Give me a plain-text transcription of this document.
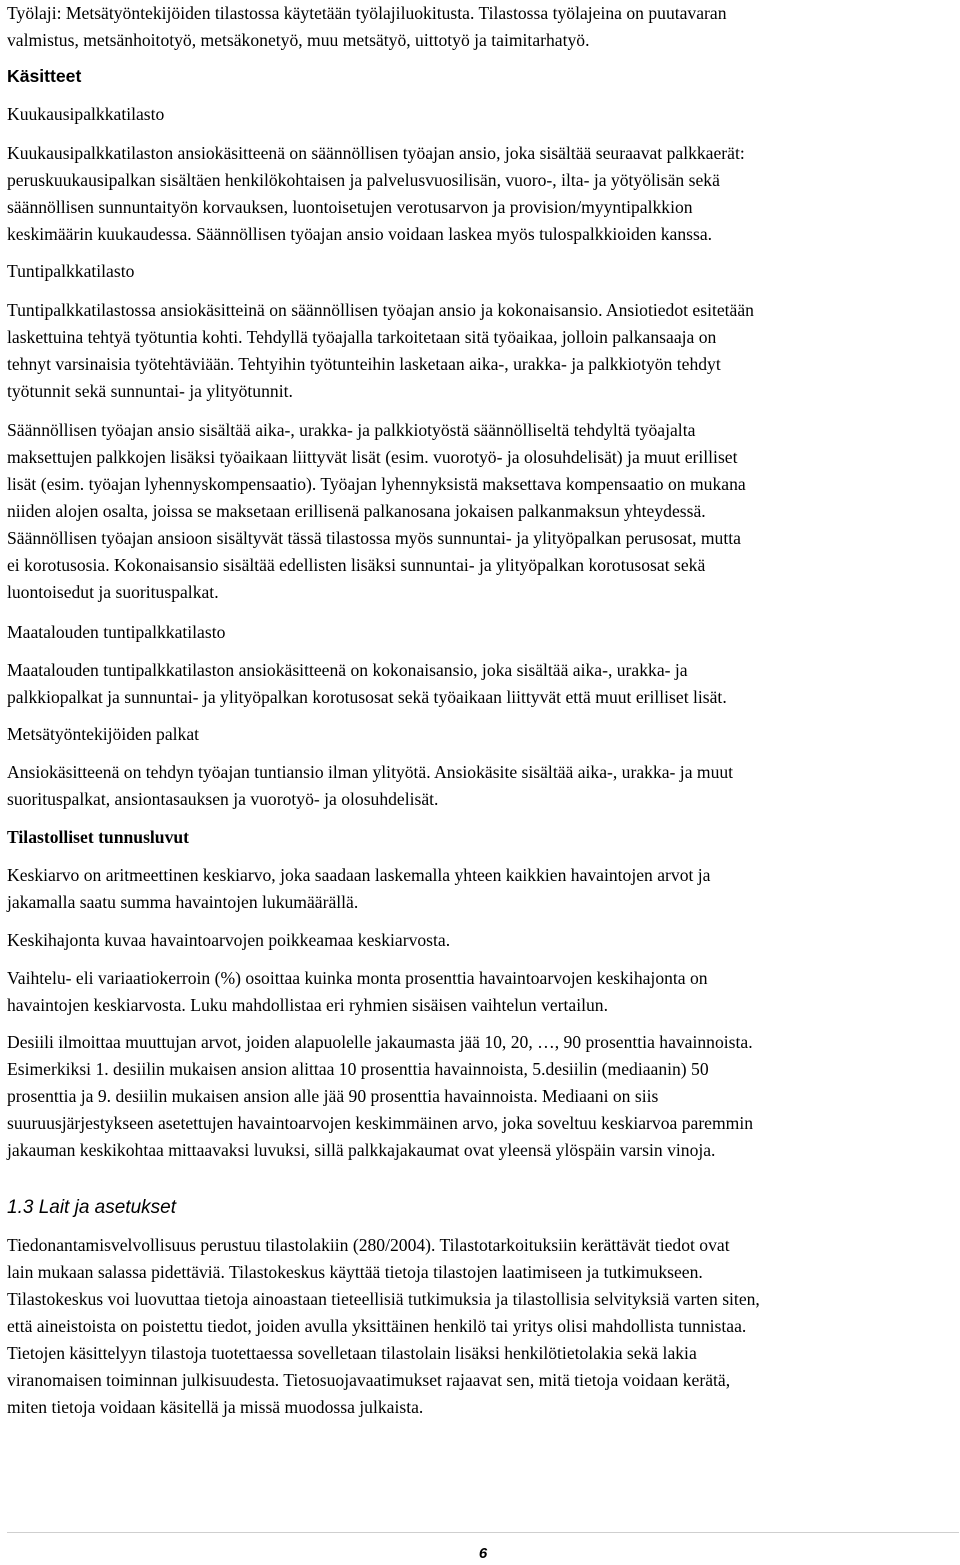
Työlaji: Metsätyöntekijöiden tilastossa käytetään työlajiluokitusta. Tilastossa työlajeina on puutavaran
valmistus, metsänhoitotyö, metsäkonetyö, muu metsätyö, uittotyö ja taimitarhatyö.
Käsitteet
Kuukausipalkkatilasto
Kuukausipalkkatilaston ansiokäsitteenä on säännöllisen työajan ansio, joka sisältää seuraavat palkkaerät:
peruskuukausipalkan sisältäen henkilökohtaisen ja palvelusvuosilisän, vuoro-, ilta- ja yötyölisän sekä
säännöllisen sunnuntaityön korvauksen, luontoisetujen verotusarvon ja provision/myyntipalkkion
keskimäärin kuukaudessa. Säännöllisen työajan ansio voidaan laskea myös tulospalkkioiden kanssa.
Tuntipalkkatilasto
Tuntipalkkatilastossa ansiokäsitteinä on säännöllisen työajan ansio ja kokonaisansio. Ansiotiedot esitetään
laskettuina tehtyä työtuntia kohti. Tehdyllä työajalla tarkoitetaan sitä työaikaa, jolloin palkansaaja on
tehnyt varsinaisia työtehtäviään. Tehtyihin työtunteihin lasketaan aika-, urakka- ja palkkiotyön tehdyt
työtunnit sekä sunnuntai- ja ylityötunnit.
Säännöllisen työajan ansio sisältää aika-, urakka- ja palkkiotyöstä säännölliseltä tehdyltä työajalta
maksettujen palkkojen lisäksi työaikaan liittyvät lisät (esim. vuorotyö- ja olosuhdelisät) ja muut erilliset
lisät (esim. työajan lyhennyskompensaatio). Työajan lyhennyksistä maksettava kompensaatio on mukana
niiden alojen osalta, joissa se maksetaan erillisenä palkanosana jokaisen palkanmaksun yhteydessä.
Säännöllisen työajan ansioon sisältyvät tässä tilastossa myös sunnuntai- ja ylityöpalkan perusosat, mutta
ei korotusosia. Kokonaisansio sisältää edellisten lisäksi sunnuntai- ja ylityöpalkan korotusosat sekä
luontoisedut ja suorituspalkat.
Maatalouden tuntipalkkatilasto
Maatalouden tuntipalkkatilaston ansiokäsitteenä on kokonaisansio, joka sisältää aika-, urakka- ja
palkkiopalkat ja sunnuntai- ja ylityöpalkan korotusosat sekä työaikaan liittyvät että muut erilliset lisät.
Metsätyöntekijöiden palkat
Ansiokäsitteenä on tehdyn työajan tuntiansio ilman ylityötä. Ansiokäsite sisältää aika-, urakka- ja muut
suorituspalkat, ansiontasauksen ja vuorotyö- ja olosuhdelisät.
Tilastolliset tunnusluvut
Keskiarvo on aritmeettinen keskiarvo, joka saadaan laskemalla yhteen kaikkien havaintojen arvot ja
jakamalla saatu summa havaintojen lukumäärällä.
Keskihajonta kuvaa havaintoarvojen poikkeamaa keskiarvosta.
Vaihtelu- eli variaatiokerroin (%) osoittaa kuinka monta prosenttia havaintoarvojen keskihajonta on
havaintojen keskiarvosta. Luku mahdollistaa eri ryhmien sisäisen vaihtelun vertailun.
Desiili ilmoittaa muuttujan arvot, joiden alapuolelle jakaumasta jää 10, 20, …, 90 prosenttia havainnoista.
Esimerkiksi 1. desiilin mukaisen ansion alittaa 10 prosenttia havainnoista, 5.desiilin (mediaanin) 50
prosenttia ja 9. desiilin mukaisen ansion alle jää 90 prosenttia havainnoista. Mediaani on siis
suuruusjärjestykseen asetettujen havaintoarvojen keskimmäinen arvo, joka soveltuu keskiarvoa paremmin
jakauman keskikohtaa mittaavaksi luvuksi, sillä palkkajakaumat ovat yleensä ylöspäin varsin vinoja.
1.3 Lait ja asetukset
Tiedonantamisvelvollisuus perustuu tilastolakiin (280/2004). Tilastotarkoituksiin kerättävät tiedot ovat
lain mukaan salassa pidettäviä. Tilastokeskus käyttää tietoja tilastojen laatimiseen ja tutkimukseen.
Tilastokeskus voi luovuttaa tietoja ainoastaan tieteellisiä tutkimuksia ja tilastollisia selvityksiä varten siten,
että aineistoista on poistettu tiedot, joiden avulla yksittäinen henkilö tai yritys olisi mahdollista tunnistaa.
Tietojen käsittelyyn tilastoja tuotettaessa sovelletaan tilastolain lisäksi henkilötietolakia sekä lakia
viranomaisen toiminnan julkisuudesta. Tietosuojavaatimukset rajaavat sen, mitä tietoja voidaan kerätä,
miten tietoja voidaan käsitellä ja missä muodossa julkaista.
6
